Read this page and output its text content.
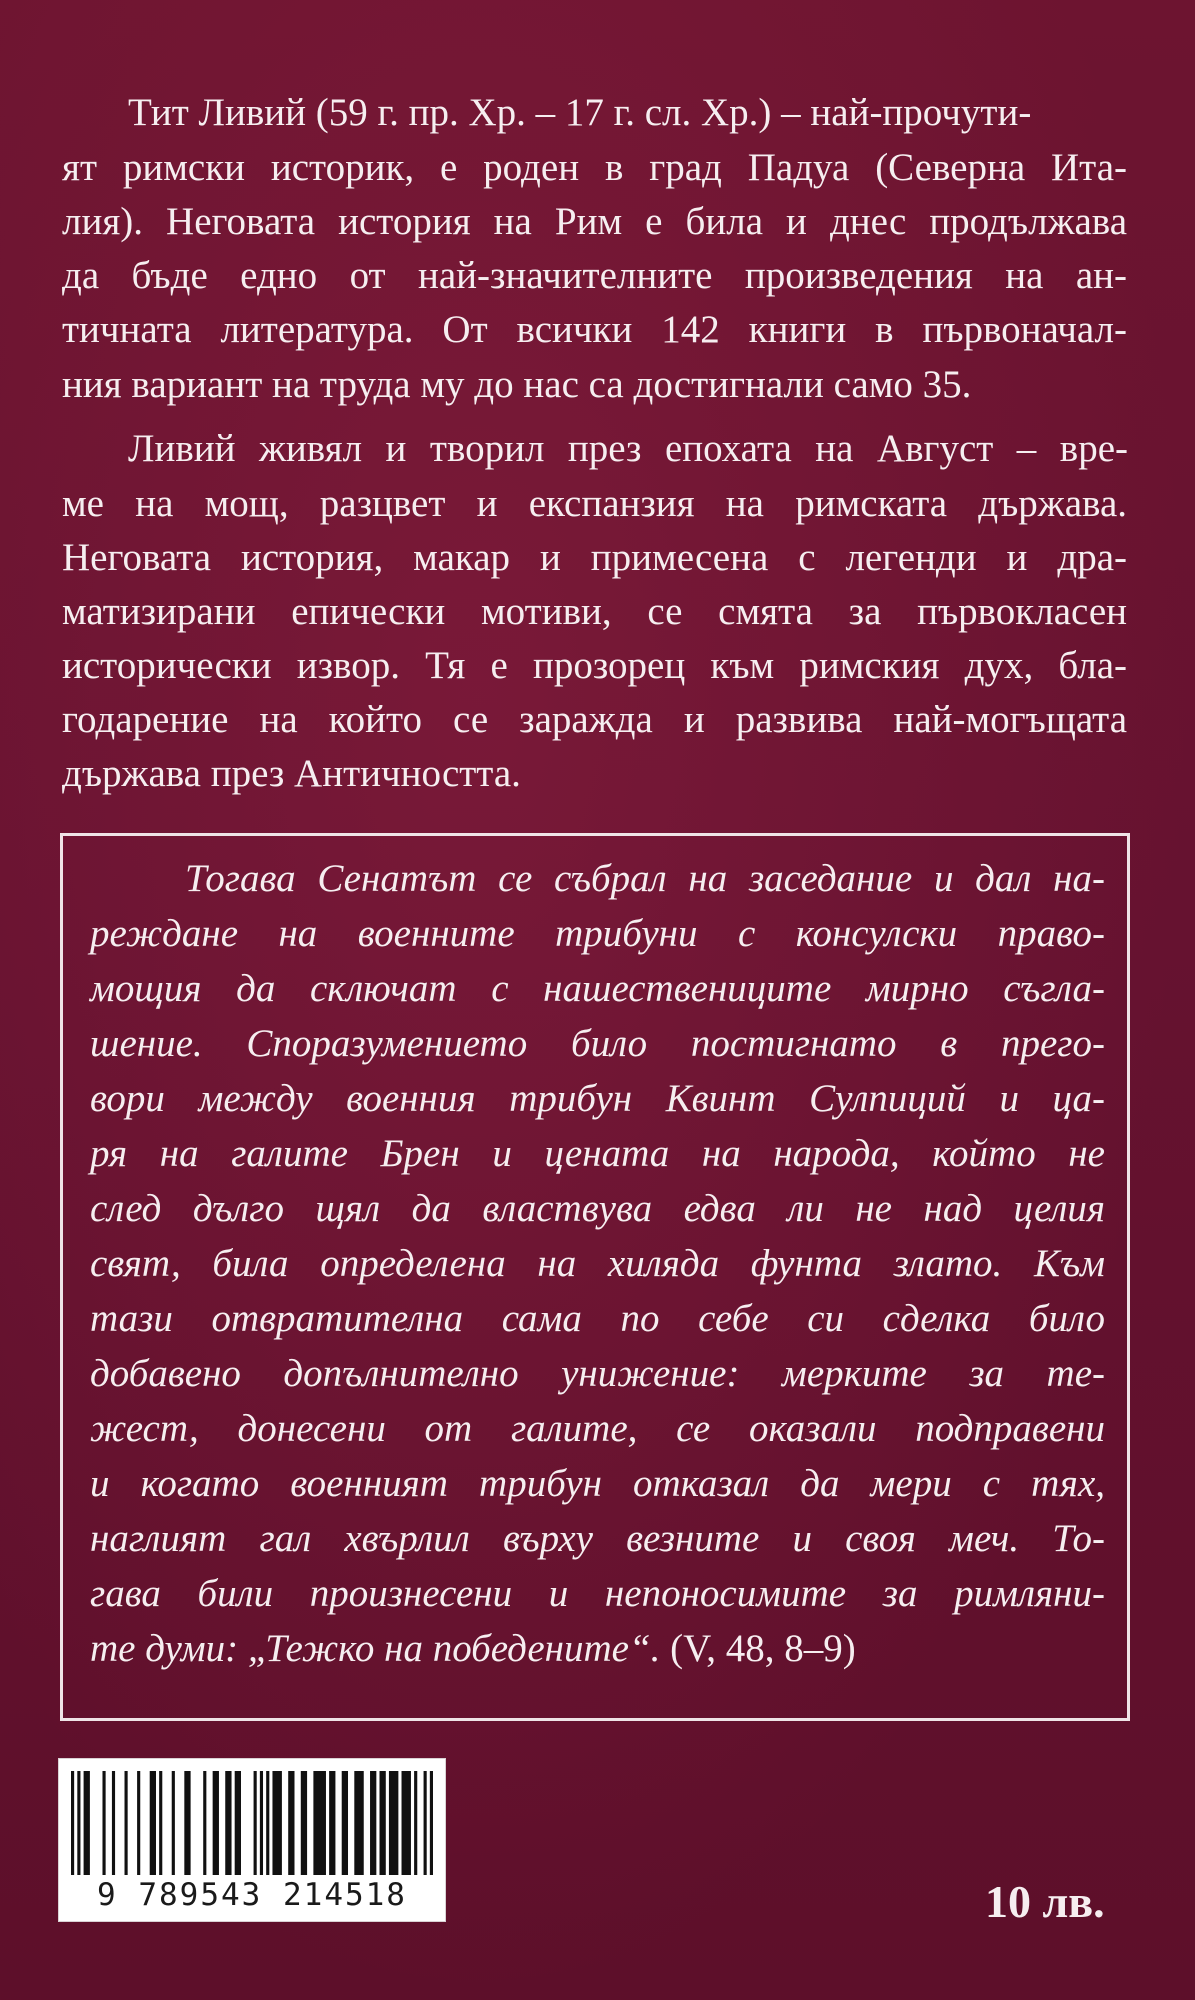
Тит Ливий (59 г. пр. Хр. – 17 г. сл. Хр.) – най-прочути-
ят римски историк, е роден в град Падуа (Северна Ита-
лия). Неговата история на Рим е била и днес продължава
да бъде едно от най-значителните произведения на ан-
тичната литература. От всички 142 книги в първоначал-
ния вариант на труда му до нас са достигнали само 35.
Ливий живял и творил през епохата на Август – вре-
ме на мощ, разцвет и експанзия на римската държава.
Неговата история, макар и примесена с легенди и дра-
матизирани епически мотиви, се смята за първокласен
исторически извор. Тя е прозорец към римския дух, бла-
годарение на който се заражда и развива най-могъщата
държава през Античността.
Тогава Сенатът се събрал на заседание и дал на-
реждане на военните трибуни с консулски право-
мощия да сключат с нашествениците мирно съгла-
шение. Споразумението било постигнато в прего-
вори между военния трибун Квинт Сулпиций и ца-
ря на галите Брен и цената на народа, който не
след дълго щял да властвува едва ли не над целия
свят, била определена на хиляда фунта злато. Към
тази отвратителна сама по себе си сделка било
добавено допълнително унижение: мерките за те-
жест, донесени от галите, се оказали подправени
и когато военният трибун отказал да мери с тях,
наглият гал хвърлил върху везните и своя меч. То-
гава били произнесени и непоносимите за римляни-
те думи: „Тежко на победените“. (V, 48, 8–9)
9 789543 214518	10 лв.
